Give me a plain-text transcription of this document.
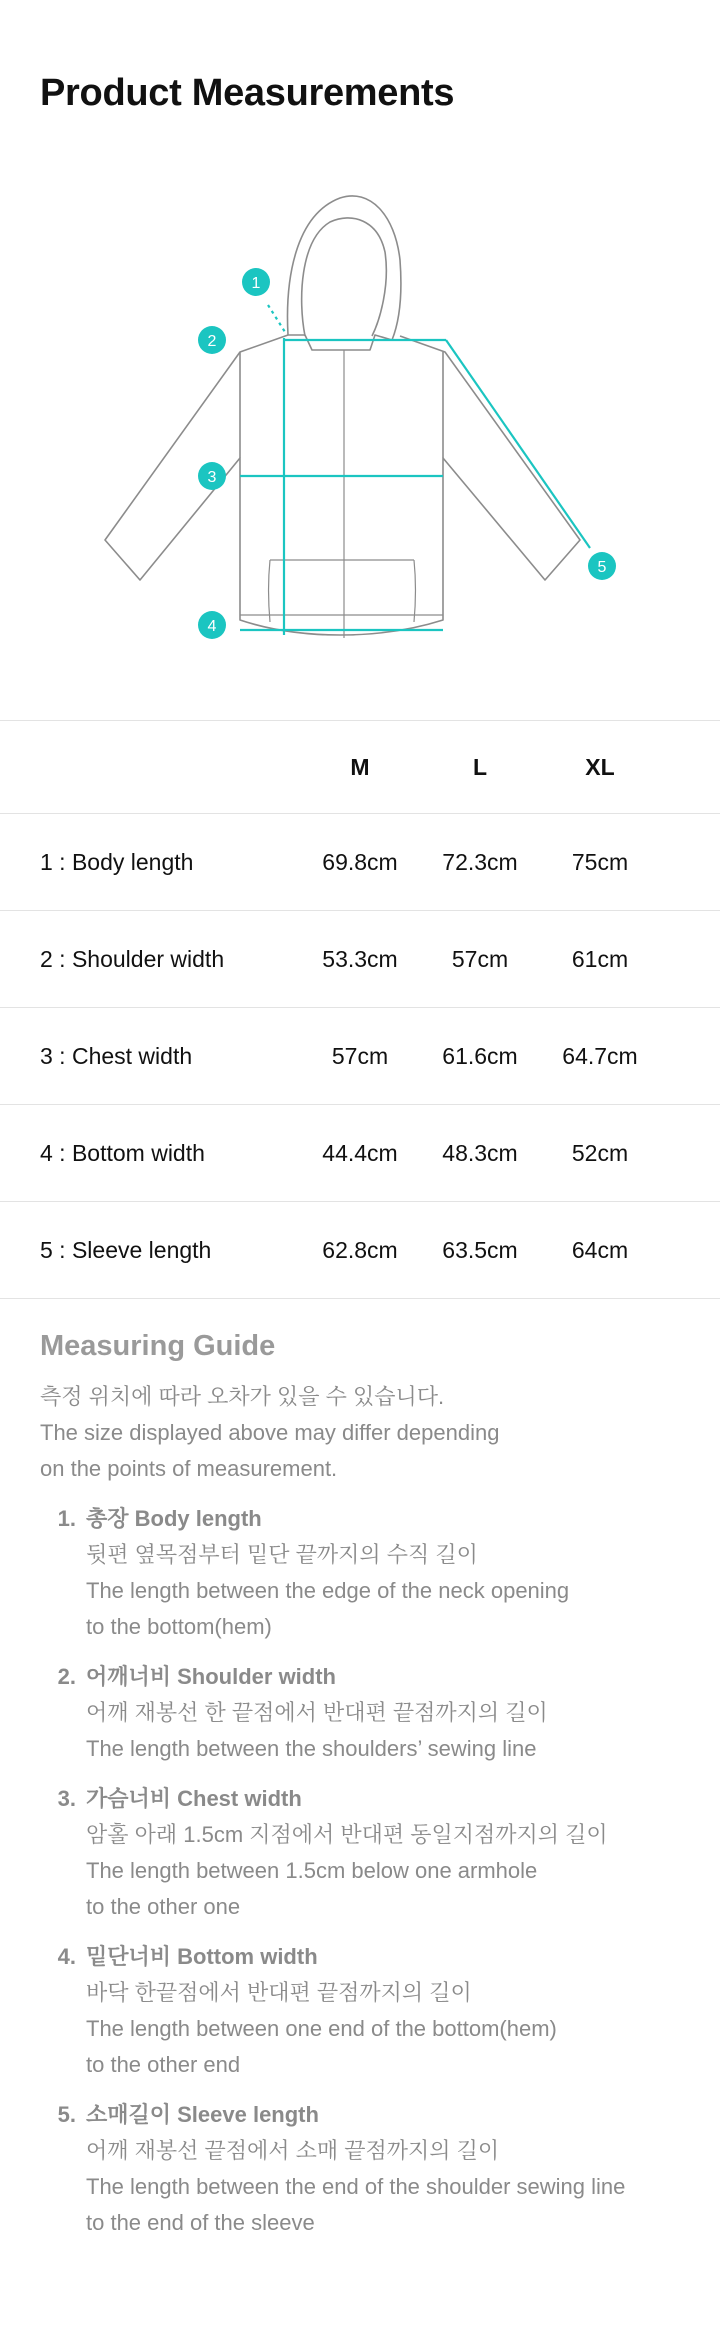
Product Measurements
1
2
3
4
5
M	L	XL
1 : Body length	69.8cm	72.3cm	75cm
2 : Shoulder width	53.3cm	57cm	61cm
3 : Chest width	57cm	61.6cm	64.7cm
4 : Bottom width	44.4cm	48.3cm	52cm
5 : Sleeve length	62.8cm	63.5cm	64cm
Measuring Guide
측정 위치에 따라 오차가 있을 수 있습니다.
The size displayed above may differ depending
on the points of measurement.
1. 총장 Body length
뒷편 옆목점부터 밑단 끝까지의 수직 길이
The length between the edge of the neck opening
to the bottom(hem)
2. 어깨너비 Shoulder width
어깨 재봉선 한 끝점에서 반대편 끝점까지의 길이
The length between the shoulders’ sewing line
3. 가슴너비 Chest width
암홀 아래 1.5cm 지점에서 반대편 동일지점까지의 길이
The length between 1.5cm below one armhole
to the other one
4. 밑단너비 Bottom width
바닥 한끝점에서 반대편 끝점까지의 길이
The length between one end of the bottom(hem)
to the other end
5. 소매길이 Sleeve length
어깨 재봉선 끝점에서 소매 끝점까지의 길이
The length between the end of the shoulder sewing line
to the end of the sleeve
